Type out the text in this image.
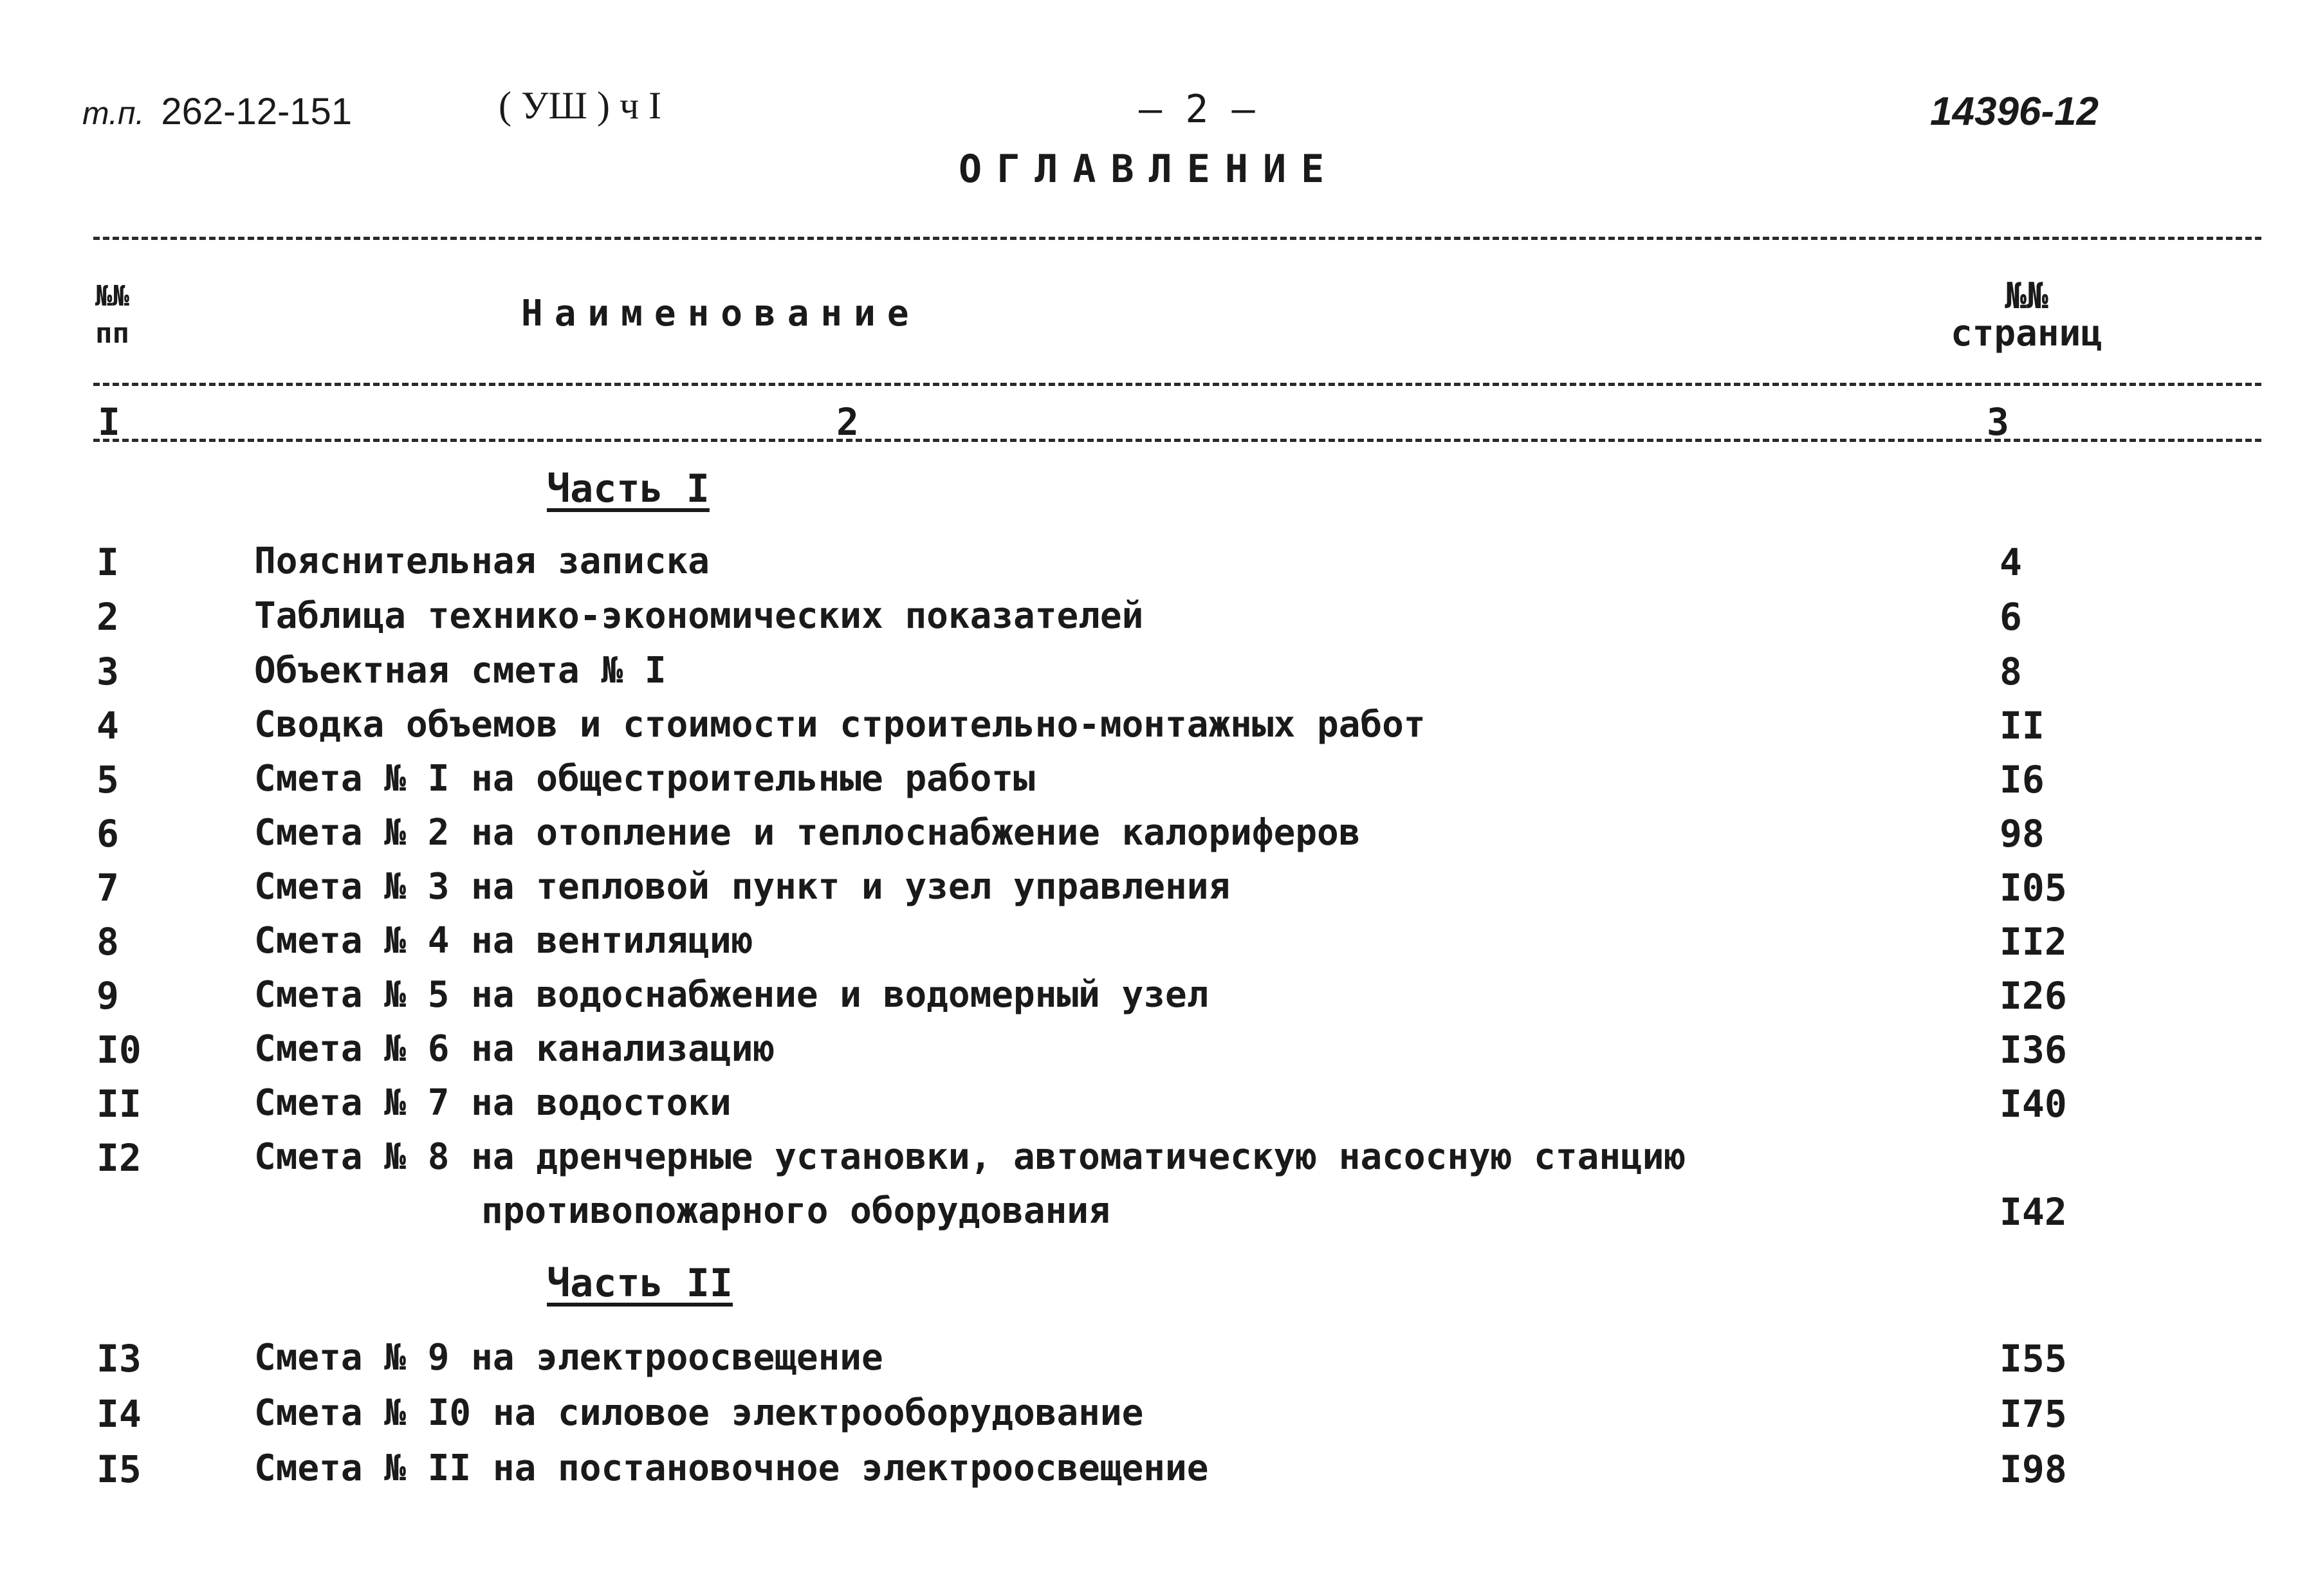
т.п. 262-12-151	( УШ ) ч I	– 2 –	14396-12
ОГЛАВЛЕНИЕ
№№ пп	Наименование	№№ страниц
I	2	3
Часть I
I	Пояснительная записка	4
2	Таблица технико-экономических показателей	6
3	Объектная смета № I	8
4	Сводка объемов и стоимости строительно-монтажных работ	II
5	Смета № I на общестроительные работы	I6
6	Смета № 2 на отопление и теплоснабжение калориферов	98
7	Смета № 3 на тепловой пункт и узел управления	I05
8	Смета № 4 на вентиляцию	II2
9	Смета № 5 на водоснабжение и водомерный узел	I26
I0	Смета № 6 на канализацию	I36
II	Смета № 7 на водостоки	I40
I2	Смета № 8 на дренчерные установки, автоматическую насосную станцию
противопожарного оборудования	I42
Часть II
I3	Смета № 9 на электроосвещение	I55
I4	Смета № I0 на силовое электрооборудование	I75
I5	Смета № II на постановочное электроосвещение	I98
